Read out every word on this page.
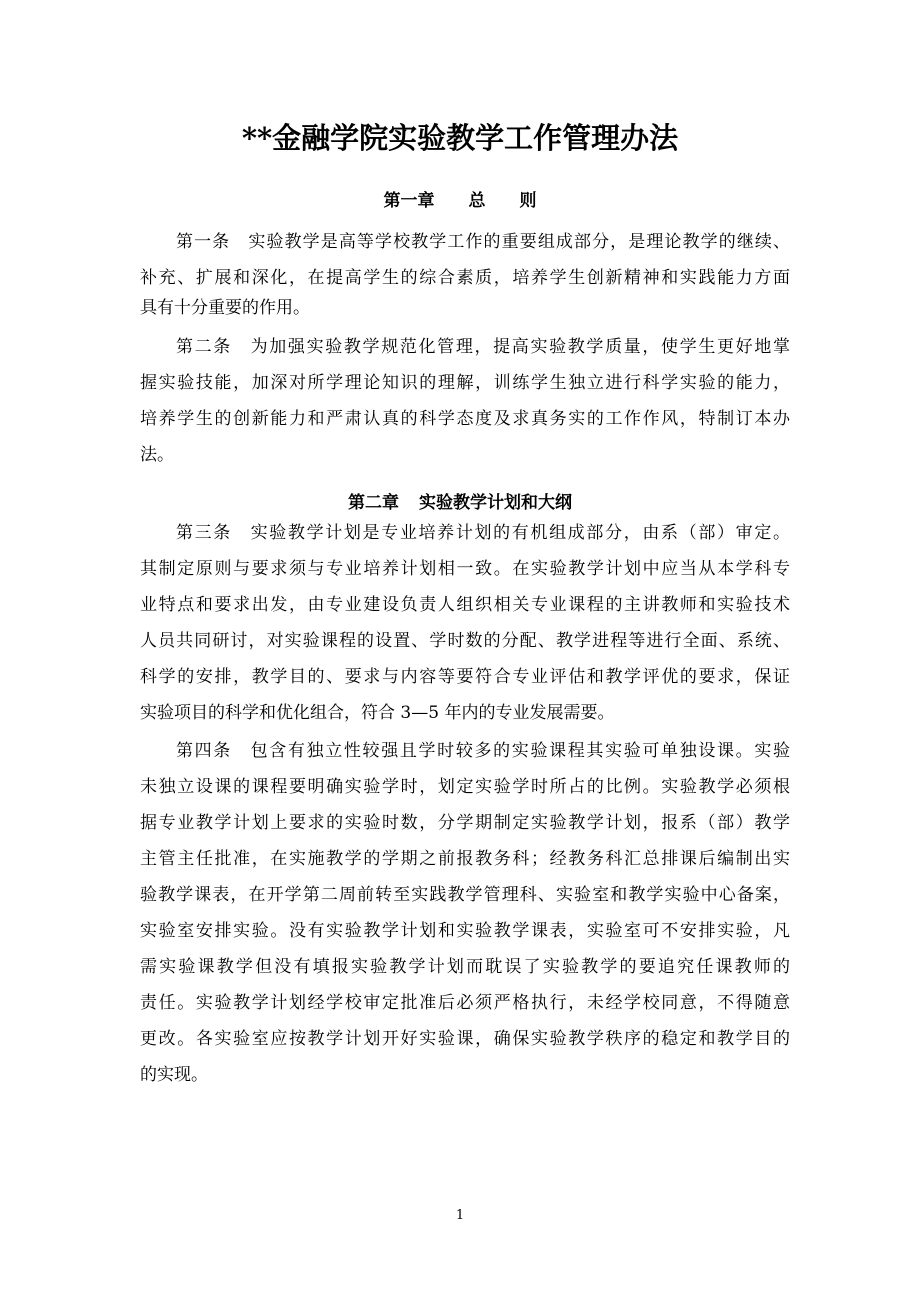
**金融学院实验教学工作管理办法
第一章 总 则
第一条　实验教学是高等学校教学工作的重要组成部分，是理论教学的继续、
补充、扩展和深化，在提高学生的综合素质，培养学生创新精神和实践能力方面
具有十分重要的作用。
第二条　为加强实验教学规范化管理，提高实验教学质量，使学生更好地掌
握实验技能，加深对所学理论知识的理解，训练学生独立进行科学实验的能力，
培养学生的创新能力和严肃认真的科学态度及求真务实的工作作风，特制订本办
法。
第二章 实验教学计划和大纲
第三条　实验教学计划是专业培养计划的有机组成部分，由系（部）审定。
其制定原则与要求须与专业培养计划相一致。在实验教学计划中应当从本学科专
业特点和要求出发，由专业建设负责人组织相关专业课程的主讲教师和实验技术
人员共同研讨，对实验课程的设置、学时数的分配、教学进程等进行全面、系统、
科学的安排，教学目的、要求与内容等要符合专业评估和教学评优的要求，保证
实验项目的科学和优化组合，符合 3—5 年内的专业发展需要。
第四条　包含有独立性较强且学时较多的实验课程其实验可单独设课。实验
未独立设课的课程要明确实验学时，划定实验学时所占的比例。实验教学必须根
据专业教学计划上要求的实验时数，分学期制定实验教学计划，报系（部）教学
主管主任批准，在实施教学的学期之前报教务科；经教务科汇总排课后编制出实
验教学课表，在开学第二周前转至实践教学管理科、实验室和教学实验中心备案，
实验室安排实验。没有实验教学计划和实验教学课表，实验室可不安排实验，凡
需实验课教学但没有填报实验教学计划而耽误了实验教学的要追究任课教师的
责任。实验教学计划经学校审定批准后必须严格执行，未经学校同意，不得随意
更改。各实验室应按教学计划开好实验课，确保实验教学秩序的稳定和教学目的
的实现。
1
